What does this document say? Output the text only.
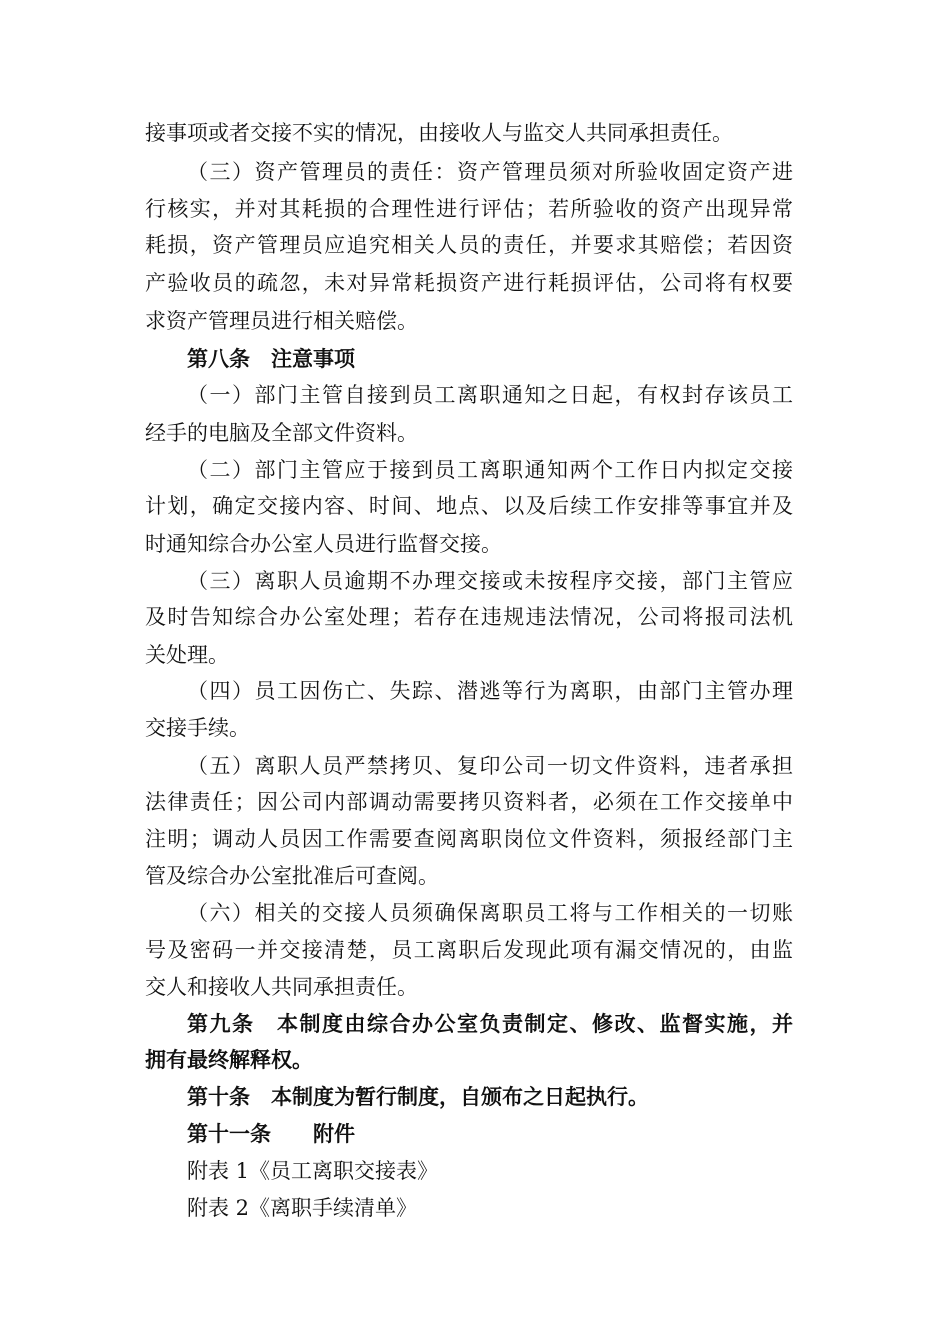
接事项或者交接不实的情况，由接收人与监交人共同承担责任。
（三）资产管理员的责任：资产管理员须对所验收固定资产进
行核实，并对其耗损的合理性进行评估；若所验收的资产出现异常
耗损，资产管理员应追究相关人员的责任，并要求其赔偿；若因资
产验收员的疏忽，未对异常耗损资产进行耗损评估，公司将有权要
求资产管理员进行相关赔偿。
第八条　注意事项
（一）部门主管自接到员工离职通知之日起，有权封存该员工
经手的电脑及全部文件资料。
（二）部门主管应于接到员工离职通知两个工作日内拟定交接
计划，确定交接内容、时间、地点、以及后续工作安排等事宜并及
时通知综合办公室人员进行监督交接。
（三）离职人员逾期不办理交接或未按程序交接，部门主管应
及时告知综合办公室处理；若存在违规违法情况，公司将报司法机
关处理。
（四）员工因伤亡、失踪、潜逃等行为离职，由部门主管办理
交接手续。
（五）离职人员严禁拷贝、复印公司一切文件资料，违者承担
法律责任；因公司内部调动需要拷贝资料者，必须在工作交接单中
注明；调动人员因工作需要查阅离职岗位文件资料，须报经部门主
管及综合办公室批准后可查阅。
（六）相关的交接人员须确保离职员工将与工作相关的一切账
号及密码一并交接清楚，员工离职后发现此项有漏交情况的，由监
交人和接收人共同承担责任。
第九条　本制度由综合办公室负责制定、修改、监督实施，并
拥有最终解释权。
第十条　本制度为暂行制度，自颁布之日起执行。
第十一条　　附件
附表 1《员工离职交接表》
附表 2《离职手续清单》
